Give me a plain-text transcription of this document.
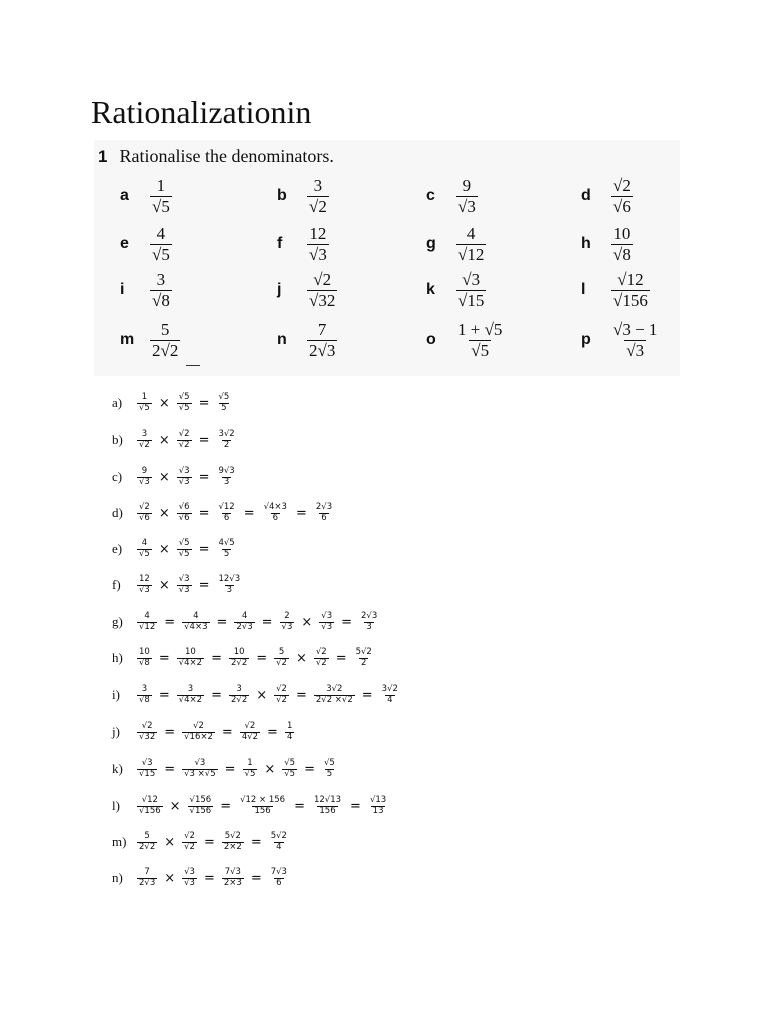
Rationalizationin
1 Rationalise the denominators.
a	$\frac{1}{√5}$	b	$\frac{3}{√2}$	c	$\frac{9}{√3}$	d	$\frac{√2}{√6}$
e	$\frac{4}{√5}$	f	$\frac{12}{√3}$	g	$\frac{4}{√12}$	h	$\frac{10}{√8}$
i	$\frac{3}{√8}$	j	$\frac{√2}{√32}$	k	$\frac{√3}{√15}$	l	$\frac{√12}{√156}$
m $\frac{5}{2√2}$	n	$\frac{7}{2√3}$	o	$\frac{1 + √5}{√5}$	p	$\frac{√3 - 1}{√3}$
a)	$\frac{1}{√5} \times \frac{√5}{√5} = \frac{√5}{5}$
b)	$\frac{3}{√2} \times \frac{√2}{√2} = \frac{3√2}{2}$
c)	$\frac{9}{√3} \times \frac{√3}{√3} = \frac{9√3}{3}$
d)	$\frac{√2}{√6} \times \frac{√6}{√6} = \frac{√12}{6} = \frac{√4\times 3}{6} = \frac{2√3}{6}$
e)	$\frac{4}{√5} \times \frac{√5}{√5} = \frac{4√5}{5}$
f)	$\frac{12}{√3} \times \frac{√3}{√3} = \frac{12√3}{3}$
g)	$\frac{4}{√12} = \frac{4}{√4\times 3} = \frac{4}{2√3} = \frac{2}{√3} \times \frac{√3}{√3} = \frac{2√3}{3}$
h)	$\frac{10}{√8} = \frac{10}{√4\times 2} = \frac{10}{2√2} = \frac{5}{√2} \times \frac{√2}{√2} = \frac{5√2}{2}$
i)	$\frac{3}{√8} = \frac{3}{√4\times 2} = \frac{3}{2√2} \times \frac{√2}{√2} = \frac{3√2}{2√2 \times√2} = \frac{3√2}{4}$
j)	$\frac{√2}{√32} = \frac{√2}{√16\times 2} = \frac{√2}{4√2} = \frac{1}{4}$
k)	$\frac{√3}{√15} = \frac{√3}{√3 \times√5} = \frac{1}{√5} \times \frac{√5}{√5} = \frac{√5}{5}$
l)	$\frac{√12}{√156} \times \frac{√156}{√156} = \frac{√12 \times 156}{156} = \frac{12√13}{156} = \frac{√13}{13}$
m)	$\frac{5}{2√2} \times \frac{√2}{√2} = \frac{5√2}{2\times 2} = \frac{5√2}{4}$
n)	$\frac{7}{2√3} \times \frac{√3}{√3} = \frac{7√3}{2\times 3} = \frac{7√3}{6}$
